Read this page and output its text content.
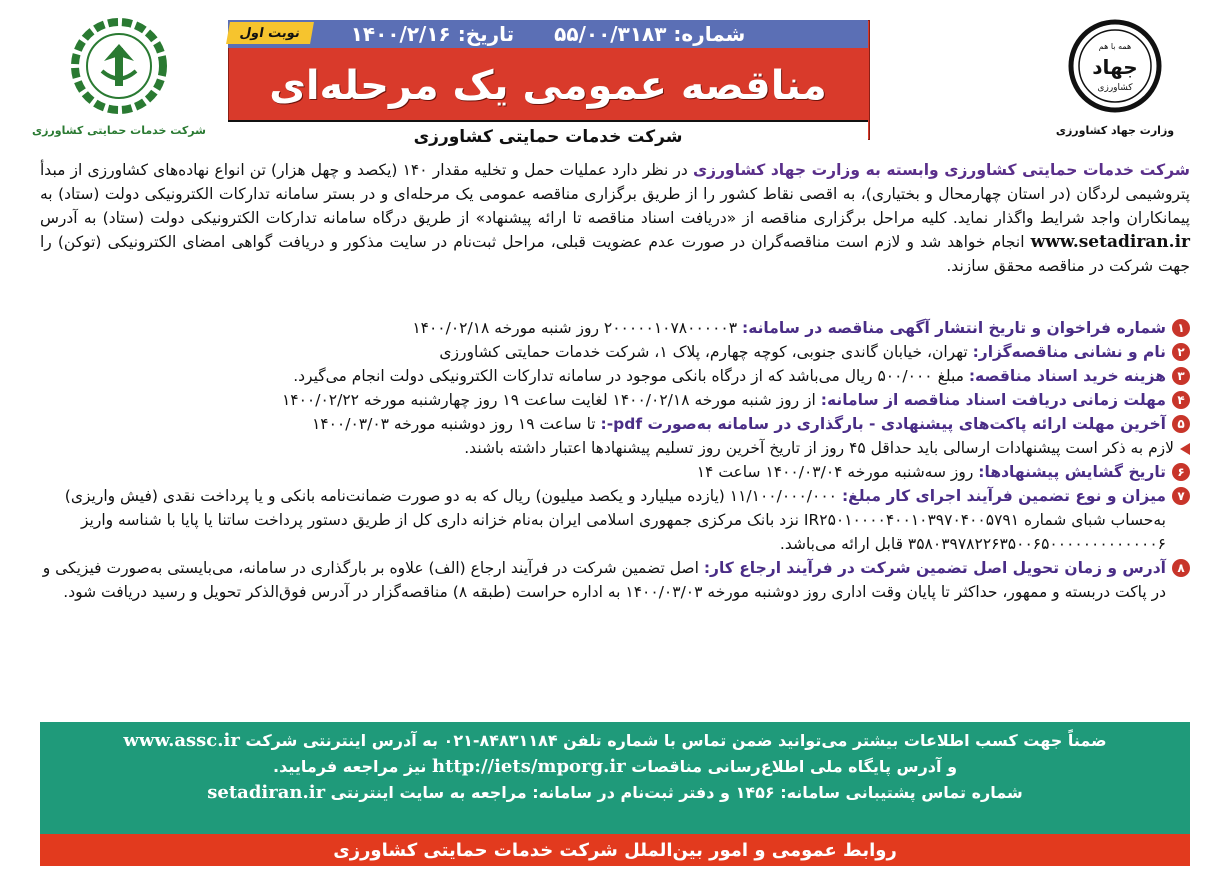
همه با هم
جهاد
کشاورزی
وزارت جهاد کشاورزی
شرکت خدمات حمایتی کشاورزی
شماره: ۵۵/۰۰/۳۱۸۳
تاریخ: ۱۴۰۰/۲/۱۶
نوبت اول
مناقصه عمومی یک مرحله‌ای
شرکت خدمات حمایتی کشاورزی
شرکت خدمات حمایتی کشاورزی وابسته به وزارت جهاد کشاورزی در نظر دارد عملیات حمل و تخلیه مقدار ۱۴۰ (یکصد و چهل هزار) تن انواع نهاده‌های کشاورزی از مبدأ پتروشیمی لردگان (در استان چهارمحال و بختیاری)، به اقصی نقاط کشور را از طریق برگزاری مناقصه عمومی یک مرحله‌ای و در بستر سامانه تدارکات الکترونیکی دولت (ستاد) به پیمانکاران واجد شرایط واگذار نماید. کلیه مراحل برگزاری مناقصه از «دریافت اسناد مناقصه تا ارائه پیشنهاد» از طریق درگاه سامانه تدارکات الکترونیکی دولت (ستاد) به آدرس www.setadiran.ir انجام خواهد شد و لازم است مناقصه‌گران در صورت عدم عضویت قبلی، مراحل ثبت‌نام در سایت مذکور و دریافت گواهی امضای الکترونیکی (توکن) را جهت شرکت در مناقصه محقق سازند.
۱
شماره فراخوان و تاریخ انتشار آگهی مناقصه در سامانه: ۲۰۰۰۰۰۱۰۷۸۰۰۰۰۰۳ روز شنبه مورخه ۱۴۰۰/۰۲/۱۸
۲
نام و نشانی مناقصه‌گزار: تهران، خیابان گاندی جنوبی، کوچه چهارم، پلاک ۱، شرکت خدمات حمایتی کشاورزی
۳
هزینه خرید اسناد مناقصه: مبلغ ۵۰۰/۰۰۰ ریال می‌باشد که از درگاه بانکی موجود در سامانه تدارکات الکترونیکی دولت انجام می‌گیرد.
۴
مهلت زمانی دریافت اسناد مناقصه از سامانه: از روز شنبه مورخه ۱۴۰۰/۰۲/۱۸ لغایت ساعت ۱۹ روز چهارشنبه مورخه ۱۴۰۰/۰۲/۲۲
۵
آخرین مهلت ارائه پاکت‌های پیشنهادی - بارگذاری در سامانه به‌صورت pdf-: تا ساعت ۱۹ روز دوشنبه مورخه ۱۴۰۰/۰۳/۰۳
لازم به ذکر است پیشنهادات ارسالی باید حداقل ۴۵ روز از تاریخ آخرین روز تسلیم پیشنهادها اعتبار داشته باشند.
۶
تاریخ گشایش پیشنهادها: روز سه‌شنبه مورخه ۱۴۰۰/۰۳/۰۴ ساعت ۱۴
۷
میزان و نوع تضمین فرآیند اجرای کار مبلغ: ۱۱/۱۰۰/۰۰۰/۰۰۰ (یازده میلیارد و یکصد میلیون) ریال که به دو صورت ضمانت‌نامه بانکی و یا پرداخت نقدی (فیش واریزی) به‌حساب شبای شماره IR۲۵۰۱۰۰۰۰۴۰۰۱۰۳۹۷۰۴۰۰۵۷۹۱ نزد بانک مرکزی جمهوری اسلامی ایران به‌نام خزانه داری کل از طریق دستور پرداخت ساتنا یا پایا با شناسه واریز ۳۵۸۰۳۹۷۸۲۲۶۳۵۰۰۶۵۰۰۰۰۰۰۰۰۰۰۰۰۰۶ قابل ارائه می‌باشد.
۸
آدرس و زمان تحویل اصل تضمین شرکت در فرآیند ارجاع کار: اصل تضمین شرکت در فرآیند ارجاع (الف) علاوه بر بارگذاری در سامانه، می‌بایستی به‌صورت فیزیکی و در پاکت دربسته و ممهور، حداکثر تا پایان وقت اداری روز دوشنبه مورخه ۱۴۰۰/۰۳/۰۳ به اداره حراست (طبقه ۸) مناقصه‌گزار در آدرس فوق‌الذکر تحویل و رسید دریافت شود.
ضمناً جهت کسب اطلاعات بیشتر می‌توانید ضمن تماس با شماره تلفن ۸۴۸۳۱۱۸۴-۰۲۱ به آدرس اینترنتی شرکت www.assc.ir
و آدرس پایگاه ملی اطلاع‌رسانی مناقصات http://iets/mporg.ir نیز مراجعه فرمایید.
شماره تماس پشتیبانی سامانه: ۱۴۵۶ و دفتر ثبت‌نام در سامانه: مراجعه به سایت اینترنتی setadiran.ir
روابط عمومی و امور بین‌الملل شرکت خدمات حمایتی کشاورزی
